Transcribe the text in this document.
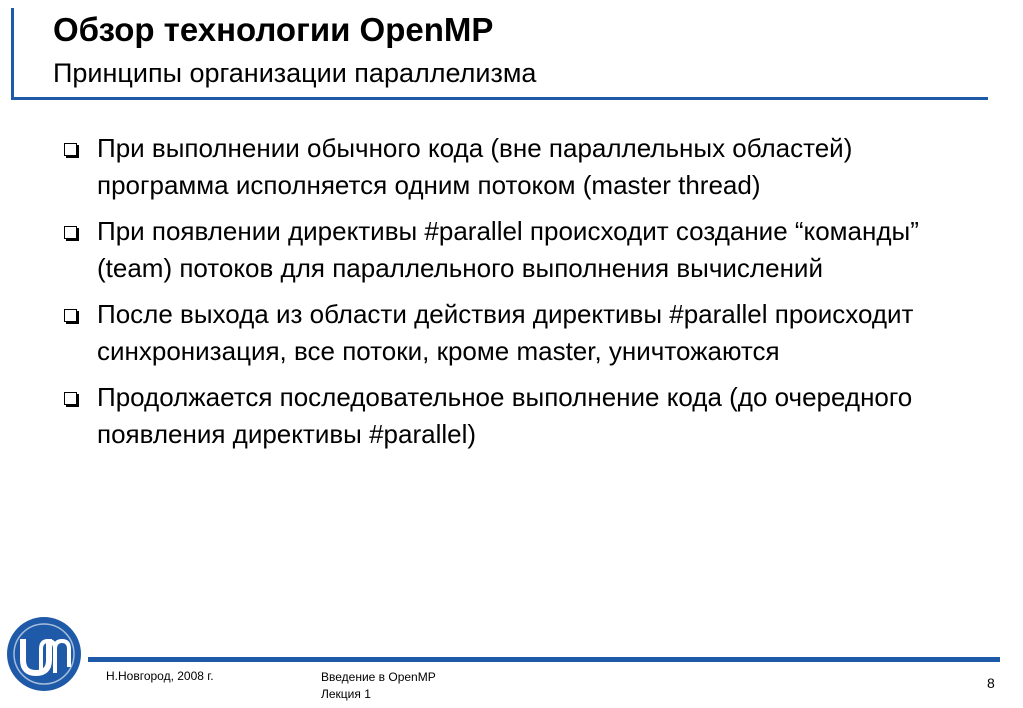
Обзор технологии OpenMP
Принципы организации параллелизма
При выполнении обычного кода (вне параллельных областей) программа исполняется одним потоком (master thread)
При появлении директивы #parallel происходит создание “команды” (team) потоков для параллельного выполнения вычислений
После выхода из области действия директивы #parallel происходит синхронизация, все потоки, кроме master, уничтожаются
Продолжается последовательное выполнение кода (до очередного появления директивы #parallel)
Н.Новгород, 2008 г.	Введение в OpenMP
Лекция 1
8
